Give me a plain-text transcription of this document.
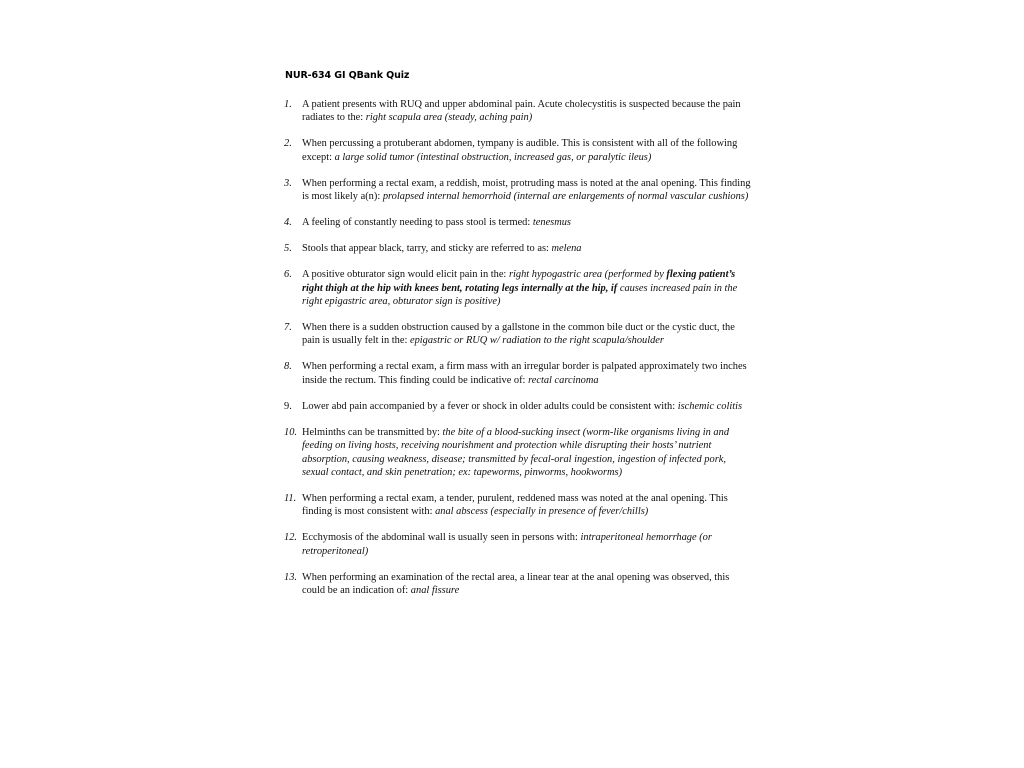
NUR-634 GI QBank Quiz
1. A patient presents with RUQ and upper abdominal pain. Acute cholecystitis is suspected because the pain radiates to the: right scapula area (steady, aching pain)
2. When percussing a protuberant abdomen, tympany is audible. This is consistent with all of the following except: a large solid tumor (intestinal obstruction, increased gas, or paralytic ileus)
3. When performing a rectal exam, a reddish, moist, protruding mass is noted at the anal opening. This finding is most likely a(n): prolapsed internal hemorrhoid (internal are enlargements of normal vascular cushions)
4. A feeling of constantly needing to pass stool is termed: tenesmus
5. Stools that appear black, tarry, and sticky are referred to as: melena
6. A positive obturator sign would elicit pain in the: right hypogastric area (performed by flexing patient’s right thigh at the hip with knees bent, rotating legs internally at the hip, if causes increased pain in the right epigastric area, obturator sign is positive)
7. When there is a sudden obstruction caused by a gallstone in the common bile duct or the cystic duct, the pain is usually felt in the: epigastric or RUQ w/ radiation to the right scapula/shoulder
8. When performing a rectal exam, a firm mass with an irregular border is palpated approximately two inches inside the rectum. This finding could be indicative of: rectal carcinoma
9. Lower abd pain accompanied by a fever or shock in older adults could be consistent with: ischemic colitis
10. Helminths can be transmitted by: the bite of a blood-sucking insect (worm-like organisms living in and feeding on living hosts, receiving nourishment and protection while disrupting their hosts’ nutrient absorption, causing weakness, disease; transmitted by fecal-oral ingestion, ingestion of infected pork, sexual contact, and skin penetration; ex: tapeworms, pinworms, hookworms)
11. When performing a rectal exam, a tender, purulent, reddened mass was noted at the anal opening. This finding is most consistent with: anal abscess (especially in presence of fever/chills)
12. Ecchymosis of the abdominal wall is usually seen in persons with: intraperitoneal hemorrhage (or retroperitoneal)
13. When performing an examination of the rectal area, a linear tear at the anal opening was observed, this could be an indication of: anal fissure
